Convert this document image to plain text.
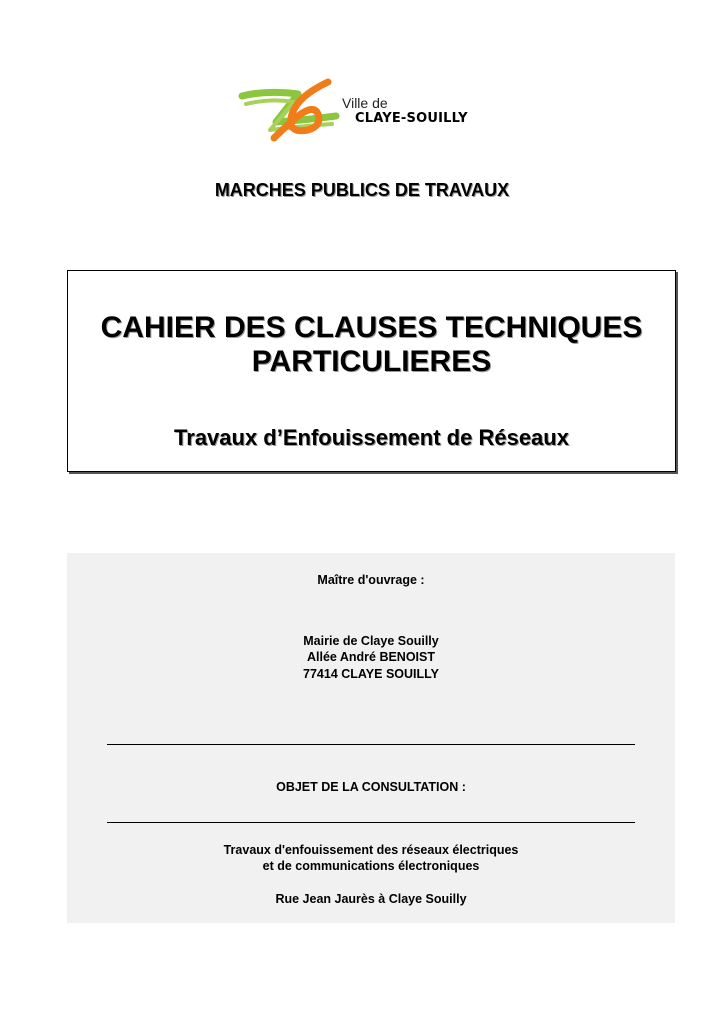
Ville de
CLAYE-SOUILLY
MARCHES PUBLICS DE TRAVAUX
CAHIER DES CLAUSES TECHNIQUES
PARTICULIERES
Travaux d’Enfouissement de Réseaux
Maître d'ouvrage :
Mairie de Claye Souilly
Allée André BENOIST
77414 CLAYE SOUILLY
OBJET DE LA CONSULTATION :
Travaux d'enfouissement des réseaux électriques
et de communications électroniques
Rue Jean Jaurès à Claye Souilly
